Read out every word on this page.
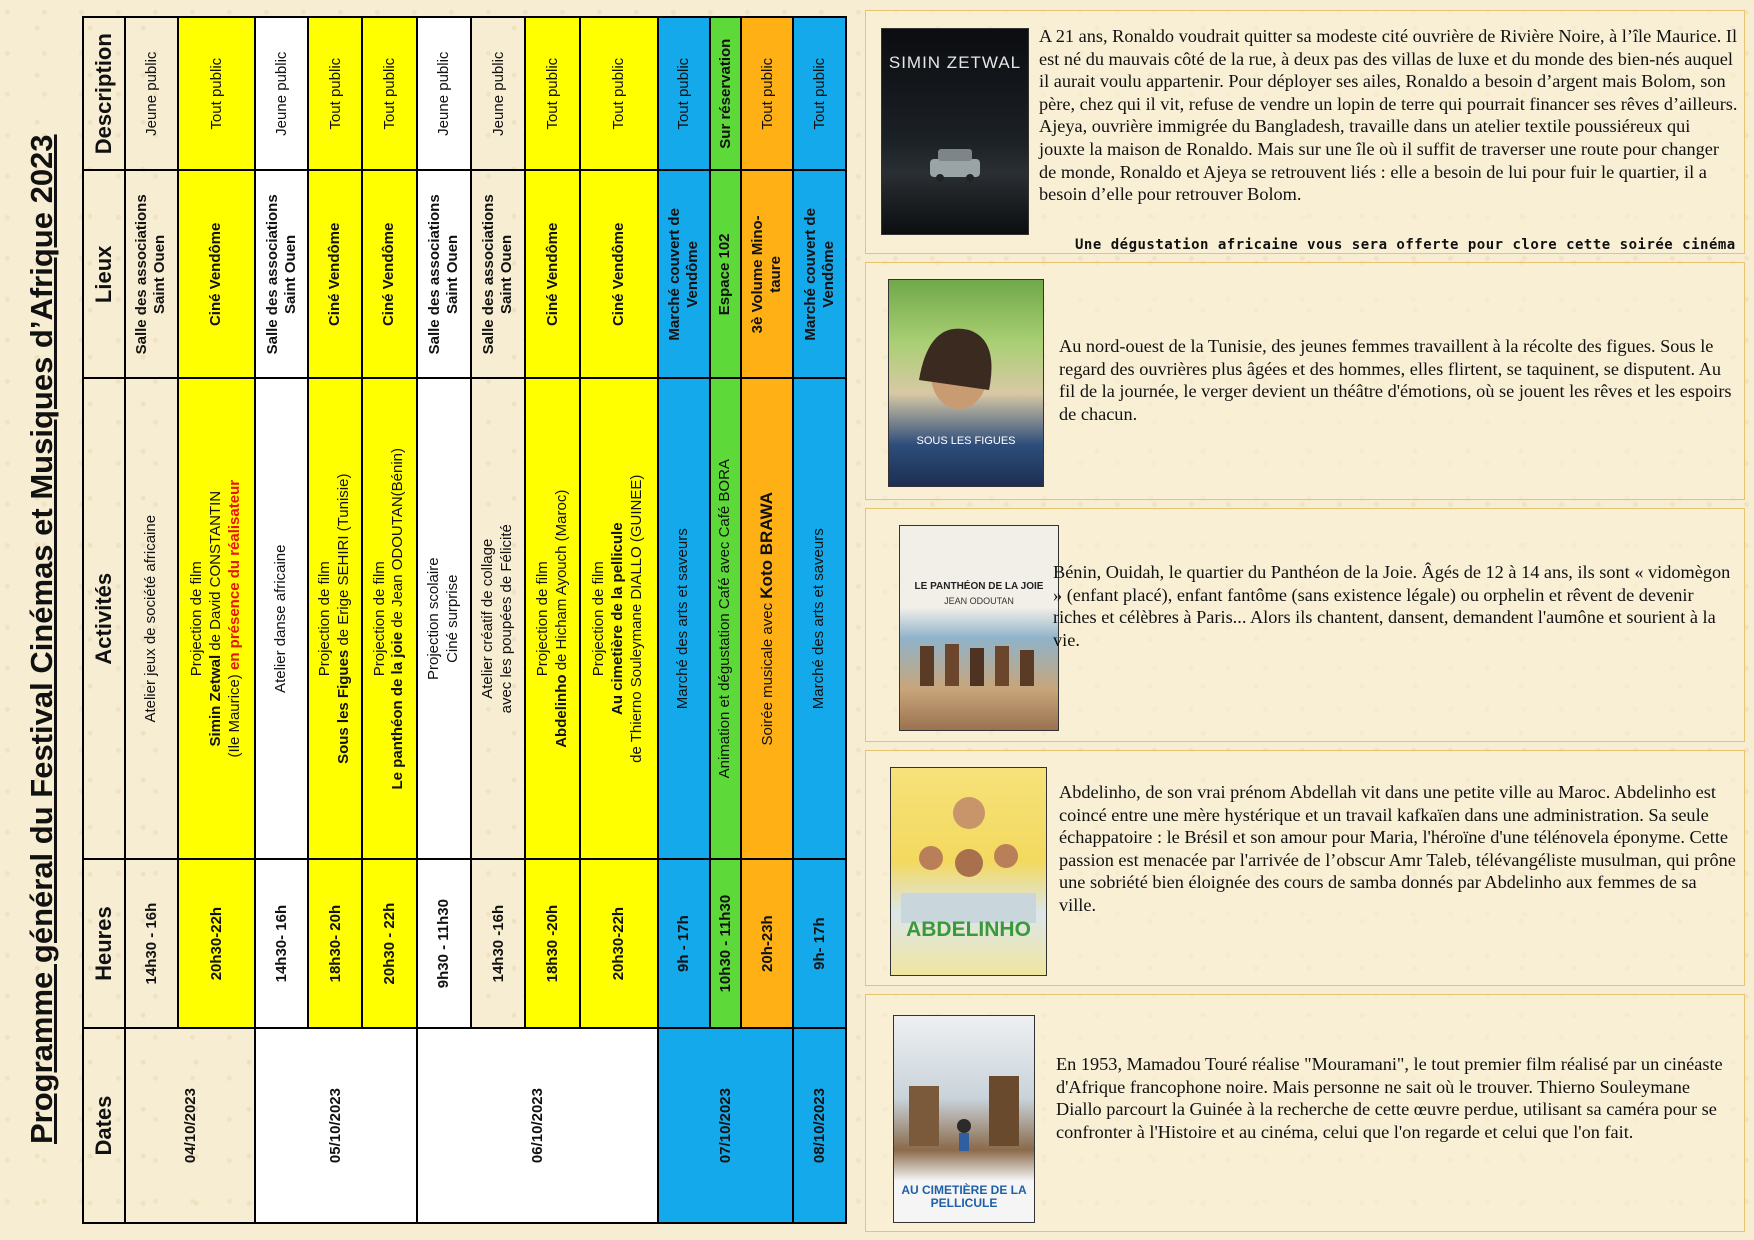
Programme général du Festival Cinémas et Musiques d’Afrique 2023	Dates	Heures	Activités	Lieux	Description
04/10/2023	14h30 - 16h	Atelier jeux de société africaine	Salle des associations
Saint Ouen	Jeune public
	20h30-22h	Projection de film
Simin Zetwal de David CONSTANTIN
(Ile Maurice) en présence du réalisateur	Ciné Vendôme	Tout public
05/10/2023	14h30- 16h	Atelier danse africaine	Salle des associations
Saint Ouen	Jeune public
	18h30- 20h	Projection de film
Sous les Figues de Erige SEHIRI (Tunisie)	Ciné Vendôme	Tout public
	20h30 - 22h	Projection de film
Le panthéon de la joie de Jean ODOUTAN(Bénin)	Ciné Vendôme	Tout public
06/10/2023	9h30 - 11h30	Projection scolaire Ciné surprise	Salle des associations
Saint Ouen	Jeune public
	14h30 -16h	Atelier créatif de collage avec les poupées de Félicité	Salle des associations
Saint Ouen	Jeune public
	18h30 -20h	Projection de film
Abdelinho de Hicham Ayouch (Maroc)	Ciné Vendôme	Tout public
	20h30-22h	Projection de film Au cimetière de la pellicule de Thierno Souleymane DIALLO (GUINEE)	Ciné Vendôme	Tout public
07/10/2023	9h - 17h	Marché des arts et saveurs	Marché couvert de
Vendôme	Tout public
	10h30 - 11h30	Animation et dégustation Café avec Café BORA	Espace 102	Sur réservation
	20h-23h	Soirée musicale avec Koto BRAWA	3è Volume Mino-
taure	Tout public
08/10/2023	9h- 17h	Marché des arts et saveurs	Marché couvert de
Vendôme	Tout public	SIMIN ZETWAL
A 21 ans, Ronaldo voudrait quitter sa modeste cité ouvrière de Rivière Noire, à l’île Maurice. Il est né du mauvais côté de la rue, à deux pas des villas de luxe et du monde des bien-nés auquel il aurait voulu appartenir. Pour déployer ses ailes, Ronaldo a besoin d’argent mais Bolom, son père, chez qui il vit, refuse de vendre un lopin de terre qui pourrait financer ses rêves d’ailleurs. Ajeya, ouvrière immigrée du Bangladesh, travaille dans un atelier textile poussiéreux qui jouxte la maison de Ronaldo. Mais sur une île où il suffit de traverser une route pour changer de monde, Ronaldo et Ajeya se retrouvent liés : elle a besoin de lui pour fuir le quartier, il a besoin d’elle pour retrouver Bolom.
Une dégustation africaine vous sera offerte pour clore cette soirée cinéma
SOUS LES FIGUES
Au nord-ouest de la Tunisie, des jeunes femmes travaillent à la récolte des figues. Sous le regard des ouvrières plus âgées et des hommes, elles flirtent, se taquinent, se disputent. Au fil de la journée, le verger devient un théâtre d'émotions, où se jouent les rêves et les espoirs de chacun.
LE PANTHÉON DE LA JOIE
JEAN ODOUTAN
Bénin, Ouidah, le quartier du Panthéon de la Joie. Âgés de 12 à 14 ans, ils sont « vidomègon » (enfant placé), enfant fantôme (sans existence légale) ou orphelin et rêvent de devenir riches et célèbres à Paris... Alors ils chantent, dansent, demandent l'aumône et sourient à la vie.
ABDELINHO
Abdelinho, de son vrai prénom Abdellah vit dans une petite ville au Maroc. Abdelinho est coincé entre une mère hystérique et un travail kafkaïen dans une administration. Sa seule échappatoire : le Brésil et son amour pour Maria, l'héroïne d'une télénovela éponyme. Cette passion est menacée par l'arrivée de l’obscur Amr Taleb, télévangéliste musulman, qui prône une sobriété bien éloignée des cours de samba donnés par Abdelinho aux femmes de sa ville.
AU CIMETIÈRE DE LA PELLICULE
En 1953, Mamadou Touré réalise "Mouramani", le tout premier film réalisé par un cinéaste d'Afrique francophone noire. Mais personne ne sait où le trouver. Thierno Souleymane Diallo parcourt la Guinée à la recherche de cette œuvre perdue, utilisant sa caméra pour se confronter à l'Histoire et au cinéma, celui que l'on regarde et celui que l'on fait.
